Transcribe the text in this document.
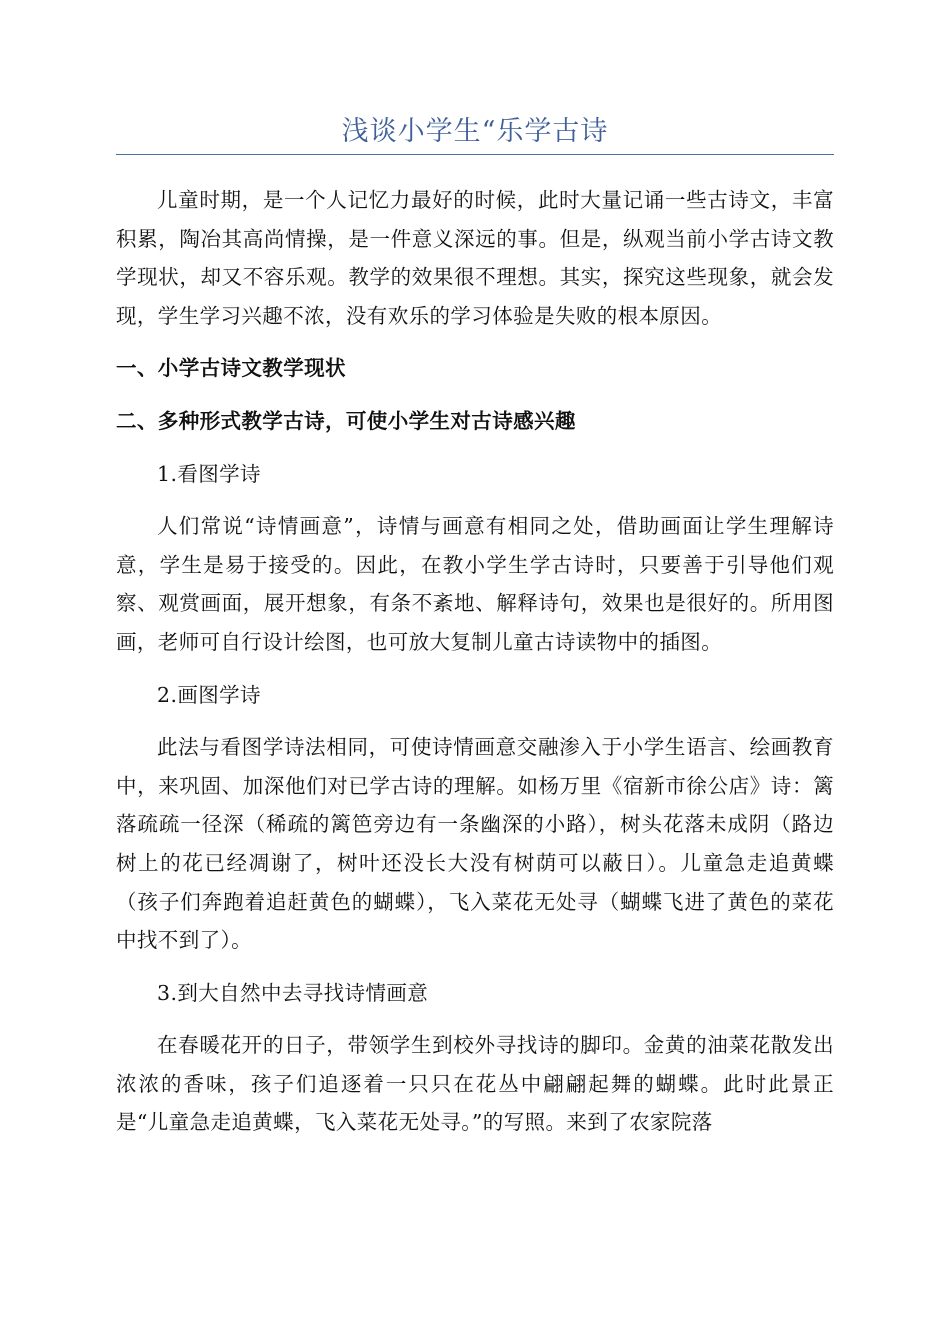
浅谈小学生“乐学古诗

儿童时期，是一个人记忆力最好的时候，此时大量记诵一些古诗文，丰富积累，陶冶其高尚情操，是一件意义深远的事。但是，纵观当前小学古诗文教学现状，却又不容乐观。教学的效果很不理想。其实，探究这些现象，就会发现，学生学习兴趣不浓，没有欢乐的学习体验是失败的根本原因。

一、小学古诗文教学现状

二、多种形式教学古诗，可使小学生对古诗感兴趣

1.看图学诗

人们常说“诗情画意”，诗情与画意有相同之处，借助画面让学生理解诗意，学生是易于接受的。因此，在教小学生学古诗时，只要善于引导他们观察、观赏画面，展开想象，有条不紊地、解释诗句，效果也是很好的。所用图画，老师可自行设计绘图，也可放大复制儿童古诗读物中的插图。

2.画图学诗

此法与看图学诗法相同，可使诗情画意交融渗入于小学生语言、绘画教育中，来巩固、加深他们对已学古诗的理解。如杨万里《宿新市徐公店》诗：篱落疏疏一径深（稀疏的篱笆旁边有一条幽深的小路），树头花落未成阴（路边树上的花已经凋谢了，树叶还没长大没有树荫可以蔽日）。儿童急走追黄蝶（孩子们奔跑着追赶黄色的蝴蝶），飞入菜花无处寻（蝴蝶飞进了黄色的菜花中找不到了）。

3.到大自然中去寻找诗情画意

在春暖花开的日子，带领学生到校外寻找诗的脚印。金黄的油菜花散发出浓浓的香味，孩子们追逐着一只只在花丛中翩翩起舞的蝴蝶。此时此景正是“儿童急走追黄蝶，飞入菜花无处寻。”的写照。来到了农家院落
